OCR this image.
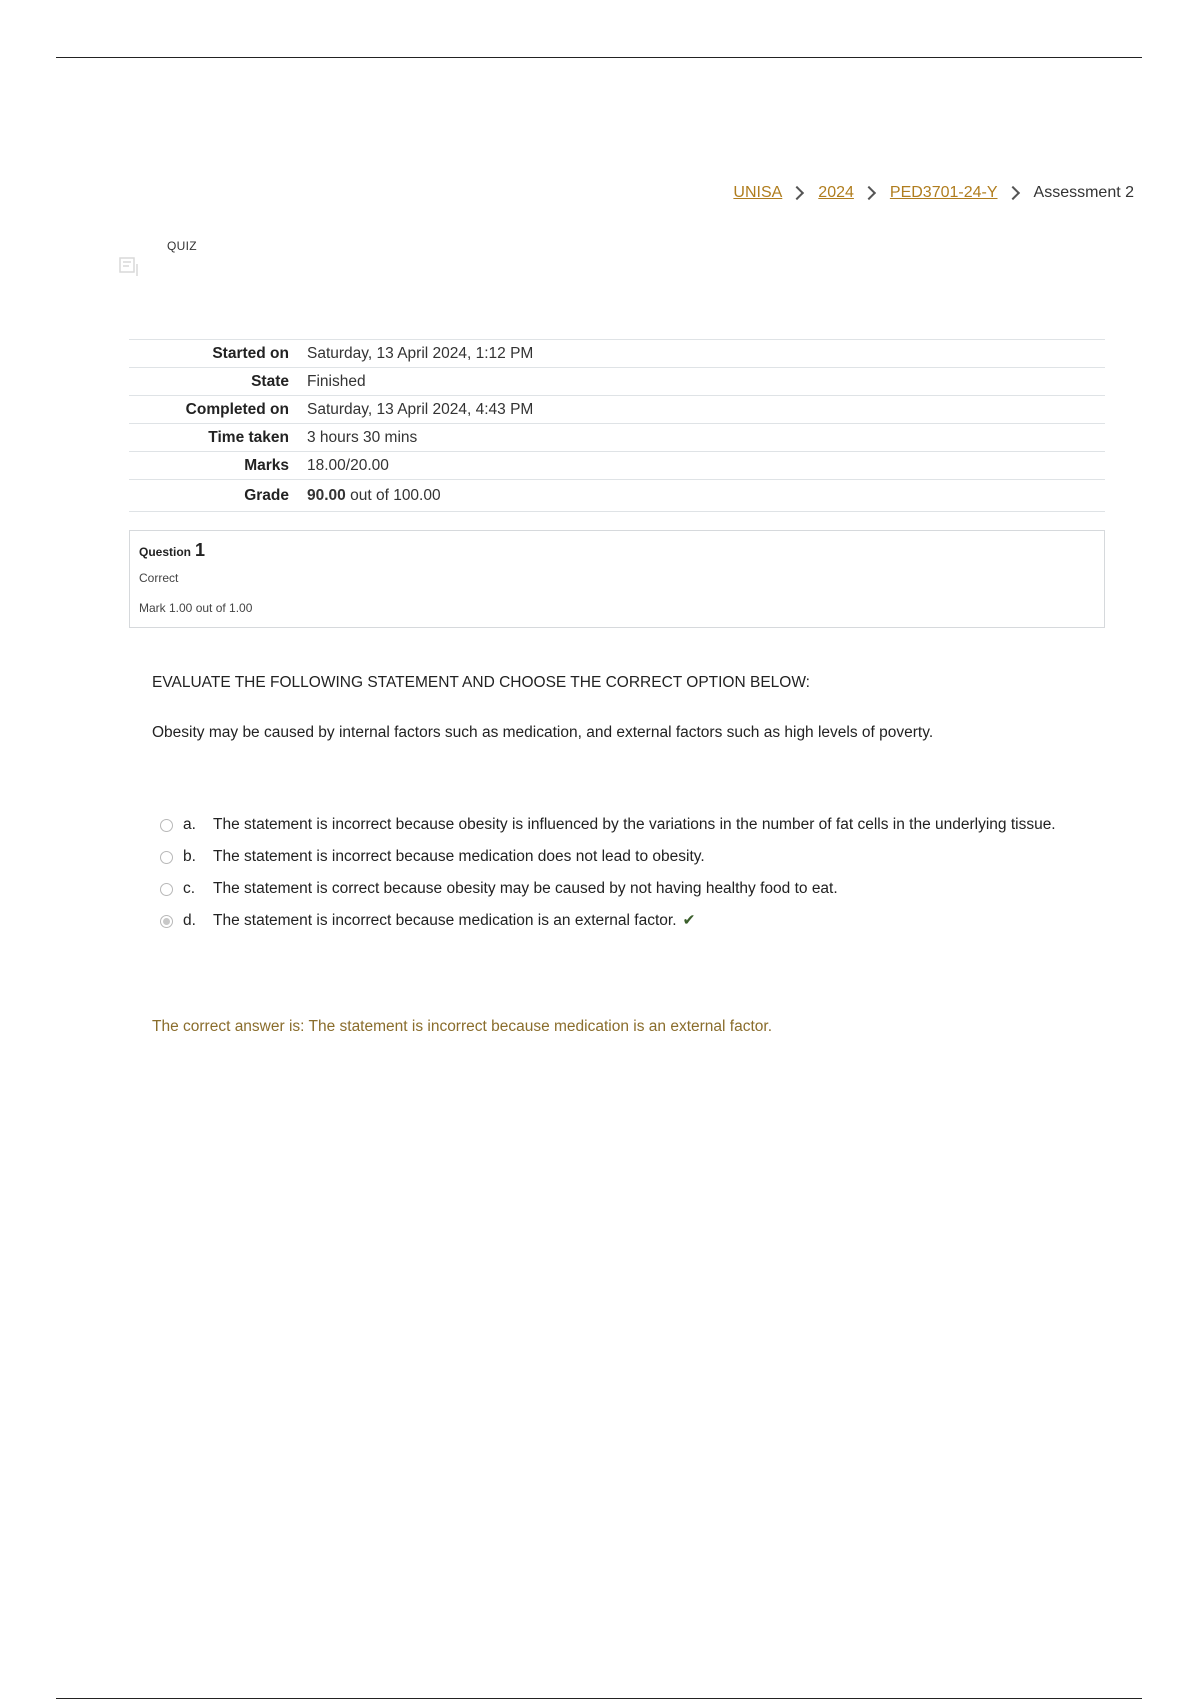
UNISA 2024 PED3701-24-Y Assessment 2
QUIZ
Started on	Saturday, 13 April 2024, 1:12 PM
State	Finished
Completed on	Saturday, 13 April 2024, 4:43 PM
Time taken	3 hours 30 mins
Marks	18.00/20.00
Grade	90.00 out of 100.00
Question 1
Correct
Mark 1.00 out of 1.00
EVALUATE THE FOLLOWING STATEMENT AND CHOOSE THE CORRECT OPTION BELOW:
Obesity may be caused by internal factors such as medication, and external factors such as high levels of poverty.
a.	The statement is incorrect because obesity is influenced by the variations in the number of fat cells in the underlying tissue.
b.	The statement is incorrect because medication does not lead to obesity.
c.	The statement is correct because obesity may be caused by not having healthy food to eat.
d.	The statement is incorrect because medication is an external factor. ✔
The correct answer is: The statement is incorrect because medication is an external factor.
